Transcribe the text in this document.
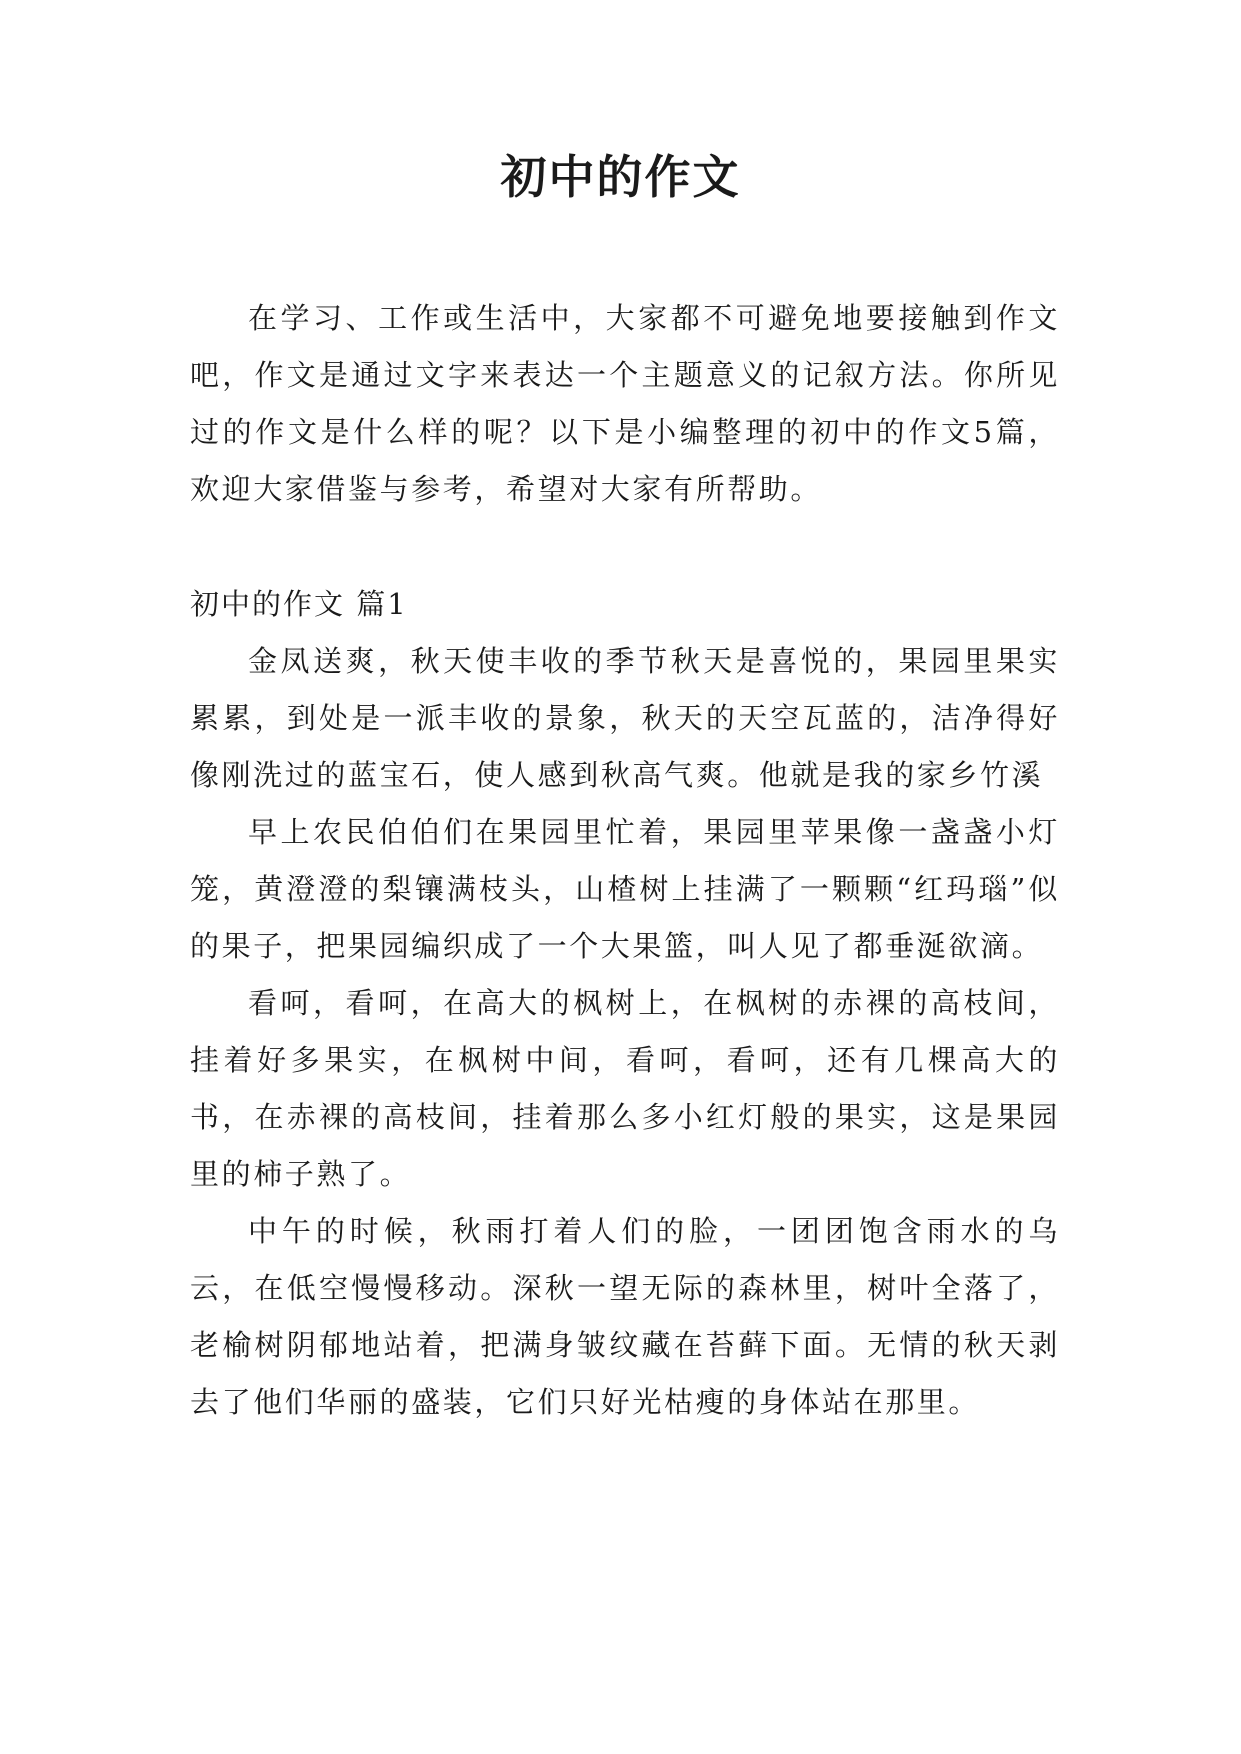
初中的作文

在学习、工作或生活中，大家都不可避免地要接触到作文吧，作文是通过文字来表达一个主题意义的记叙方法。你所见过的作文是什么样的呢？以下是小编整理的初中的作文5篇，欢迎大家借鉴与参考，希望对大家有所帮助。

初中的作文 篇1

金凤送爽，秋天使丰收的季节秋天是喜悦的，果园里果实累累，到处是一派丰收的景象，秋天的天空瓦蓝的，洁净得好像刚洗过的蓝宝石，使人感到秋高气爽。他就是我的家乡竹溪

早上农民伯伯们在果园里忙着，果园里苹果像一盏盏小灯笼，黄澄澄的梨镶满枝头，山楂树上挂满了一颗颗“红玛瑙”似的果子，把果园编织成了一个大果篮，叫人见了都垂涎欲滴。

看呵，看呵，在高大的枫树上，在枫树的赤裸的高枝间，挂着好多果实，在枫树中间，看呵，看呵，还有几棵高大的书，在赤裸的高枝间，挂着那么多小红灯般的果实，这是果园里的柿子熟了。

中午的时候，秋雨打着人们的脸，一团团饱含雨水的乌云，在低空慢慢移动。深秋一望无际的森林里，树叶全落了，老榆树阴郁地站着，把满身皱纹藏在苔藓下面。无情的秋天剥去了他们华丽的盛装，它们只好光枯瘦的身体站在那里。
